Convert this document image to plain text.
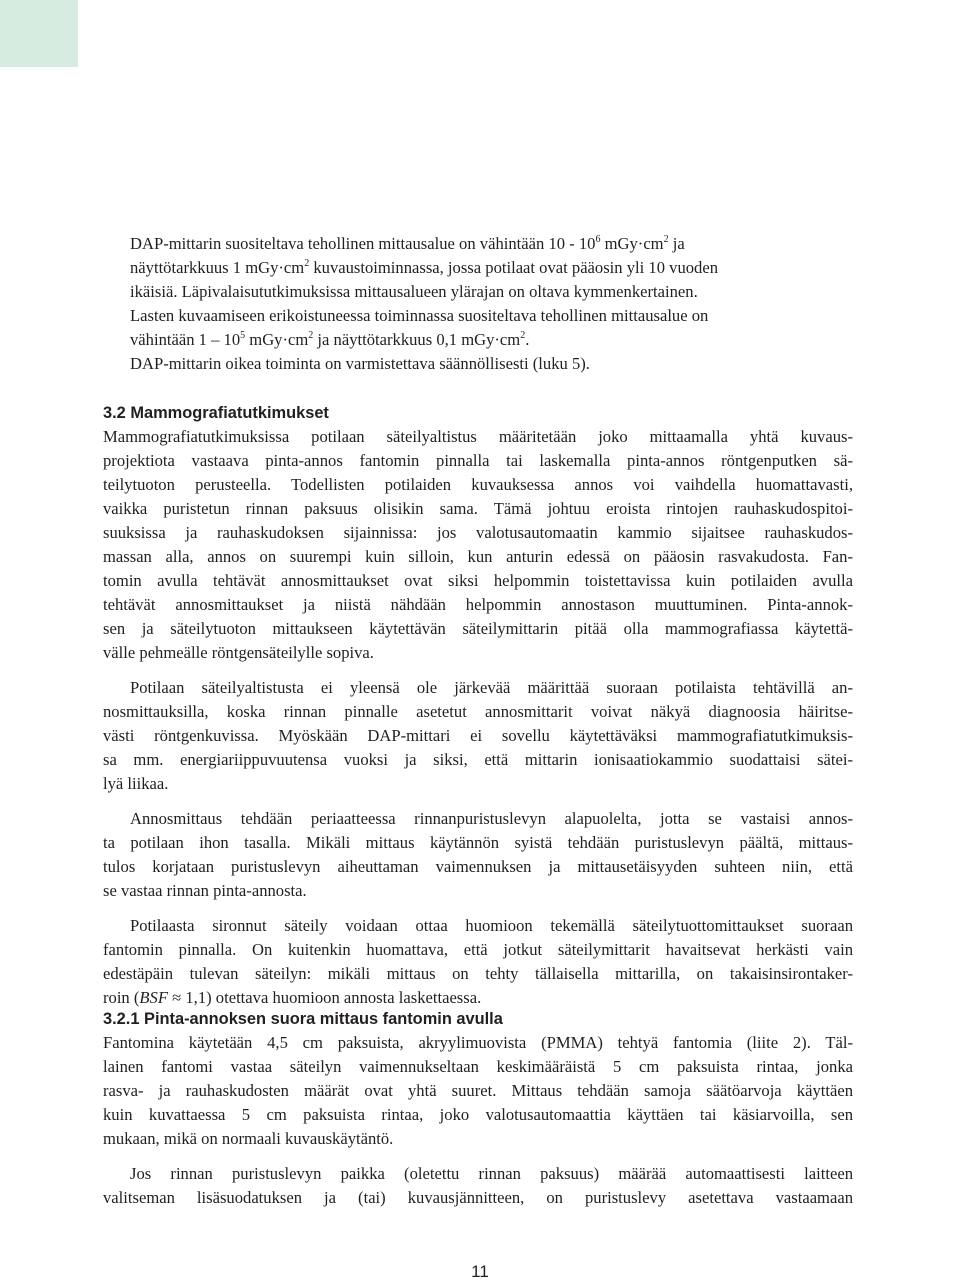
DAP-mittarin suositeltava tehollinen mittausalue on vähintään $10 - 10^6$ $mGy\cdot cm^2$ ja
näyttötarkkuus 1 $mGy\cdot cm^2$ kuvaustoiminnassa, jossa potilaat ovat pääosin yli 10 vuoden
ikäisiä. Läpivalaisututkimuksissa mittausalueen ylärajan on oltava kymmenkertainen.
Lasten kuvaamiseen erikoistuneessa toiminnassa suositeltava tehollinen mittausalue on
vähintään $1 - 10^5$ $mGy\cdot cm^2$ ja näyttötarkkuus 0,1 $mGy\cdot cm^2$.

DAP-mittarin oikea toiminta on varmistettava säännöllisesti (luku 5).

3.2 Mammografiatutkimukset
Mammografiatutkimuksissa potilaan säteilyaltistus määritetään joko mittaamalla yhtä kuvaus-
projektiota vastaava pinta-annos fantomin pinnalla tai laskemalla pinta-annos röntgenputken sä-
teilytuoton perusteella. Todellisten potilaiden kuvauksessa annos voi vaihdella huomattavasti,
vaikka puristetun rinnan paksuus olisikin sama. Tämä johtuu eroista rintojen rauhaskudospitoi-
suuksissa ja rauhaskudoksen sijainnissa: jos valotusautomaatin kammio sijaitsee rauhaskudos-
massan alla, annos on suurempi kuin silloin, kun anturin edessä on pääosin rasvakudosta. Fan-
tomin avulla tehtävät annosmittaukset ovat siksi helpommin toistettavissa kuin potilaiden avulla
tehtävät annosmittaukset ja niistä nähdään helpommin annostason muuttuminen. Pinta-annok-
sen ja säteilytuoton mittaukseen käytettävän säteilymittarin pitää olla mammografiassa käytettä-
välle pehmeälle röntgensäteilylle sopiva.
Potilaan säteilyaltistusta ei yleensä ole järkevää määrittää suoraan potilaista tehtävillä an-
nosmittauksilla, koska rinnan pinnalle asetetut annosmittarit voivat näkyä diagnoosia häiritse-
västi röntgenkuvissa. Myöskään DAP-mittari ei sovellu käytettäväksi mammografiatutkimuksis-
sa mm. energiariippuvuutensa vuoksi ja siksi, että mittarin ionisaatiokammio suodattaisi sätei-
lyä liikaa.
Annosmittaus tehdään periaatteessa rinnanpuristuslevyn alapuolelta, jotta se vastaisi annos-
ta potilaan ihon tasalla. Mikäli mittaus käytännön syistä tehdään puristuslevyn päältä, mittaus-
tulos korjataan puristuslevyn aiheuttaman vaimennuksen ja mittausetäisyyden suhteen niin, että
se vastaa rinnan pinta-annosta.
Potilaasta sironnut säteily voidaan ottaa huomioon tekemällä säteilytuottomittaukset suoraan
fantomin pinnalla. On kuitenkin huomattava, että jotkut säteilymittarit havaitsevat herkästi vain
edestäpäin tulevan säteilyn: mikäli mittaus on tehty tällaisella mittarilla, on takaisinsirontaker-
roin (BSF ≈ 1,1) otettava huomioon annosta laskettaessa.
3.2.1 Pinta-annoksen suora mittaus fantomin avulla
Fantomina käytetään 4,5 cm paksuista, akryylimuovista (PMMA) tehtyä fantomia (liite 2). Täl-
lainen fantomi vastaa säteilyn vaimennukseltaan keskimääräistä 5 cm paksuista rintaa, jonka
rasva- ja rauhaskudosten määrät ovat yhtä suuret. Mittaus tehdään samoja säätöarvoja käyttäen
kuin kuvattaessa 5 cm paksuista rintaa, joko valotusautomaattia käyttäen tai käsiarvoilla, sen
mukaan, mikä on normaali kuvauskäytäntö.
Jos rinnan puristuslevyn paikka (oletettu rinnan paksuus) määrää automaattisesti laitteen
valitseman lisäsuodatuksen ja (tai) kuvausjännitteen, on puristuslevy asetettava vastaamaan
11
